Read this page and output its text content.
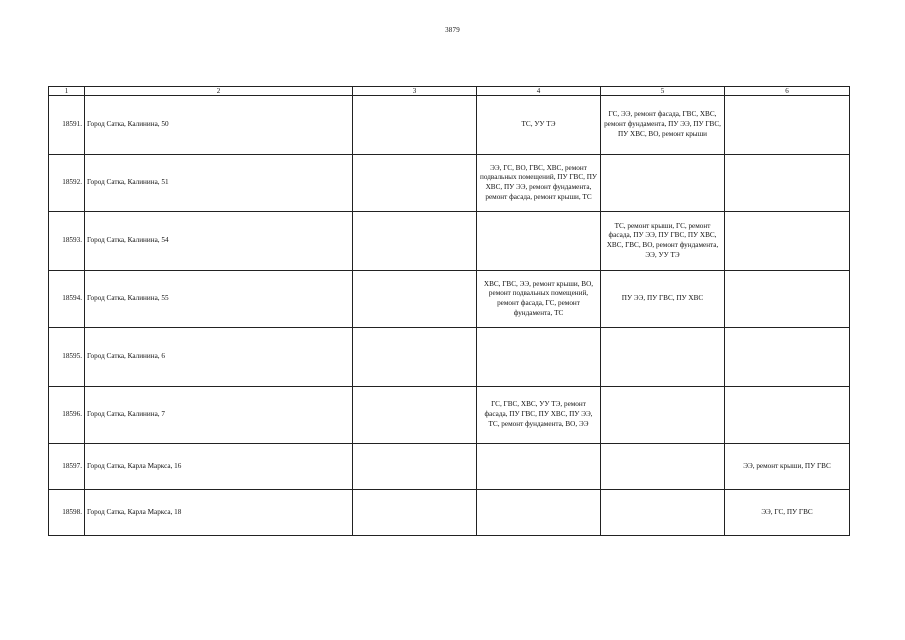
3879
1	2	3	4	5	6
18591.	Город Сатка, Калинина, 50		ТС, УУ ТЭ	ГС, ЭЭ, ремонт фасада, ГВС, ХВС, ремонт фундамента, ПУ ЭЭ, ПУ ГВС, ПУ ХВС, ВО, ремонт крыши	
18592.	Город Сатка, Калинина, 51		ЭЭ, ГС, ВО, ГВС, ХВС, ремонт подвальных помещений, ПУ ГВС, ПУ ХВС, ПУ ЭЭ, ремонт фундамента, ремонт фасада, ремонт крыши, ТС		
18593.	Город Сатка, Калинина, 54			ТС, ремонт крыши, ГС, ремонт фасада, ПУ ЭЭ, ПУ ГВС, ПУ ХВС, ХВС, ГВС, ВО, ремонт фундамента, ЭЭ, УУ ТЭ	
18594.	Город Сатка, Калинина, 55		ХВС, ГВС, ЭЭ, ремонт крыши, ВО, ремонт подвальных помещений, ремонт фасада, ГС, ремонт фундамента, ТС	ПУ ЭЭ, ПУ ГВС, ПУ ХВС	
18595.	Город Сатка, Калинина, 6				
18596.	Город Сатка, Калинина, 7		ГС, ГВС, ХВС, УУ ТЭ, ремонт фасада, ПУ ГВС, ПУ ХВС, ПУ ЭЭ, ТС, ремонт фундамента, ВО, ЭЭ		
18597.	Город Сатка, Карла Маркса, 16				ЭЭ, ремонт крыши, ПУ ГВС
18598.	Город Сатка, Карла Маркса, 18				ЭЭ, ГС, ПУ ГВС
